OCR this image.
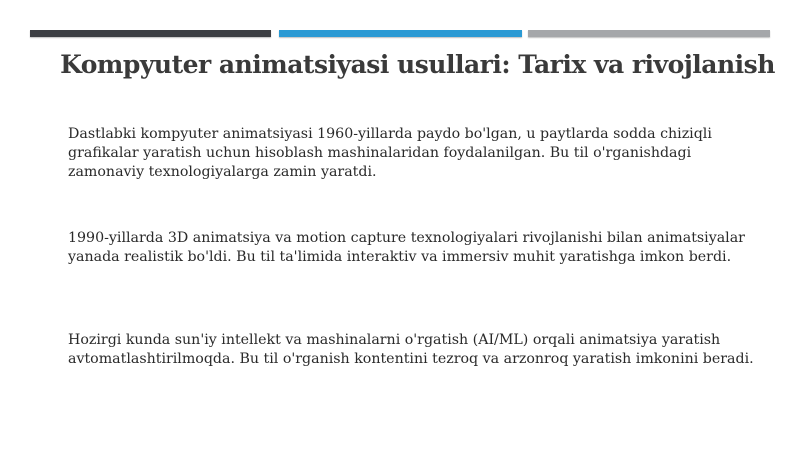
Kompyuter animatsiyasi usullari: Tarix va rivojlanish

Dastlabki kompyuter animatsiyasi 1960-yillarda paydo bo'lgan, u paytlarda sodda chiziqli grafikalar yaratish uchun hisoblash mashinalaridan foydalanilgan. Bu til o'rganishdagi zamonaviy texnologiyalarga zamin yaratdi.

1990-yillarda 3D animatsiya va motion capture texnologiyalari rivojlanishi bilan animatsiyalar yanada realistik bo'ldi. Bu til ta'limida interaktiv va immersiv muhit yaratishga imkon berdi.

Hozirgi kunda sun'iy intellekt va mashinalarni o'rgatish (AI/ML) orqali animatsiya yaratish avtomatlashtirilmoqda. Bu til o'rganish kontentini tezroq va arzonroq yaratish imkonini beradi.
